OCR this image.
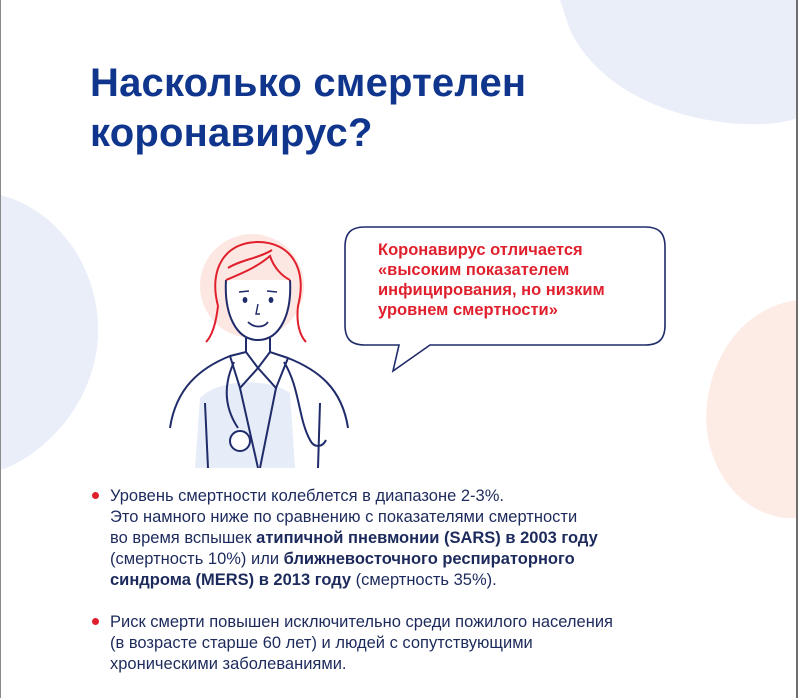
Насколько смертелен
коронавирус?
Коронавирус отличается
«высоким показателем
инфицирования, но низким
уровнем смертности»
Уровень смертности колеблется в диапазоне 2-3%.
Это намного ниже по сравнению с показателями смертности
во время вспышек атипичной пневмонии (SARS) в 2003 году
(смертность 10%) или ближневосточного респираторного
синдрома (MERS) в 2013 году (смертность 35%).
Риск смерти повышен исключительно среди пожилого населения
(в возрасте старше 60 лет) и людей с сопутствующими
хроническими заболеваниями.
